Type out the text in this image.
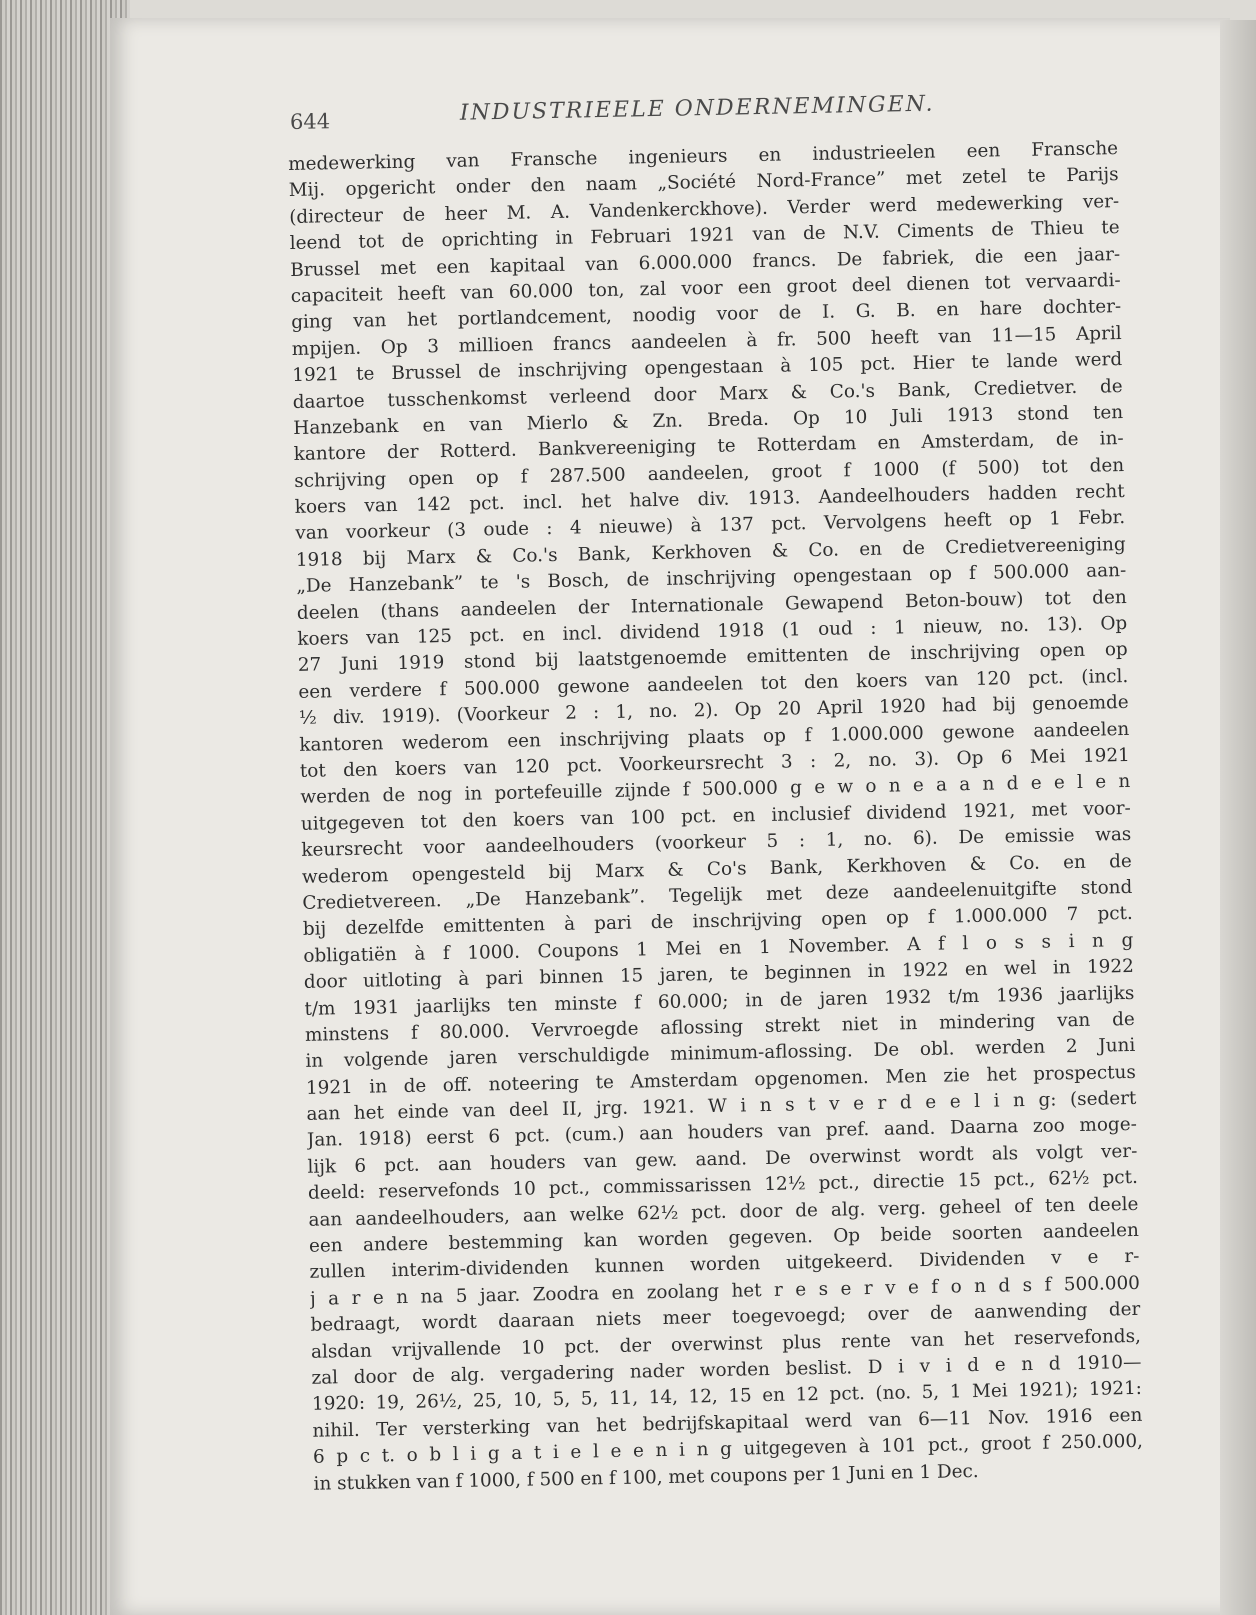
644	INDUSTRIEELE ONDERNEMINGEN.
medewerking van Fransche ingenieurs en industrieelen een Fransche
Mij. opgericht onder den naam „Société Nord-France” met zetel te Parijs
(directeur de heer M. A. Vandenkerckhove). Verder werd medewerking ver-
leend tot de oprichting in Februari 1921 van de N.V. Ciments de Thieu te
Brussel met een kapitaal van 6.000.000 francs. De fabriek, die een jaar-
capaciteit heeft van 60.000 ton, zal voor een groot deel dienen tot vervaardi-
ging van het portlandcement, noodig voor de I. G. B. en hare dochter-
mpijen. Op 3 millioen francs aandeelen à fr. 500 heeft van 11—15 April
1921 te Brussel de inschrijving opengestaan à 105 pct. Hier te lande werd
daartoe tusschenkomst verleend door Marx & Co.'s Bank, Credietver. de
Hanzebank en van Mierlo & Zn. Breda. Op 10 Juli 1913 stond ten
kantore der Rotterd. Bankvereeniging te Rotterdam en Amsterdam, de in-
schrijving open op f 287.500 aandeelen, groot f 1000 (f 500) tot den
koers van 142 pct. incl. het halve div. 1913. Aandeelhouders hadden recht
van voorkeur (3 oude : 4 nieuwe) à 137 pct. Vervolgens heeft op 1 Febr.
1918 bij Marx & Co.'s Bank, Kerkhoven & Co. en de Credietvereeniging
„De Hanzebank” te 's Bosch, de inschrijving opengestaan op f 500.000 aan-
deelen (thans aandeelen der Internationale Gewapend Beton-bouw) tot den
koers van 125 pct. en incl. dividend 1918 (1 oud : 1 nieuw, no. 13). Op
27 Juni 1919 stond bij laatstgenoemde emittenten de inschrijving open op
een verdere f 500.000 gewone aandeelen tot den koers van 120 pct. (incl.
½ div. 1919). (Voorkeur 2 : 1, no. 2). Op 20 April 1920 had bij genoemde
kantoren wederom een inschrijving plaats op f 1.000.000 gewone aandeelen
tot den koers van 120 pct. Voorkeursrecht 3 : 2, no. 3). Op 6 Mei 1921
werden de nog in portefeuille zijnde f 500.000 g e w o n e a a n d e e l e n
uitgegeven tot den koers van 100 pct. en inclusief dividend 1921, met voor-
keursrecht voor aandeelhouders (voorkeur 5 : 1, no. 6). De emissie was
wederom opengesteld bij Marx & Co's Bank, Kerkhoven & Co. en de
Credietvereen. „De Hanzebank”. Tegelijk met deze aandeelenuitgifte stond
bij dezelfde emittenten à pari de inschrijving open op f 1.000.000 7 pct.
obligatiën à f 1000. Coupons 1 Mei en 1 November. A f l o s s i n g
door uitloting à pari binnen 15 jaren, te beginnen in 1922 en wel in 1922
t/m 1931 jaarlijks ten minste f 60.000; in de jaren 1932 t/m 1936 jaarlijks
minstens f 80.000. Vervroegde aflossing strekt niet in mindering van de
in volgende jaren verschuldigde minimum-aflossing. De obl. werden 2 Juni
1921 in de off. noteering te Amsterdam opgenomen. Men zie het prospectus
aan het einde van deel II, jrg. 1921. W i n s t v e r d e e l i n g: (sedert
Jan. 1918) eerst 6 pct. (cum.) aan houders van pref. aand. Daarna zoo moge-
lijk 6 pct. aan houders van gew. aand. De overwinst wordt als volgt ver-
deeld: reservefonds 10 pct., commissarissen 12½ pct., directie 15 pct., 62½ pct.
aan aandeelhouders, aan welke 62½ pct. door de alg. verg. geheel of ten deele
een andere bestemming kan worden gegeven. Op beide soorten aandeelen
zullen interim-dividenden kunnen worden uitgekeerd. Dividenden v e r-
j a r e n na 5 jaar. Zoodra en zoolang het r e s e r v e f o n d s f 500.000
bedraagt, wordt daaraan niets meer toegevoegd; over de aanwending der
alsdan vrijvallende 10 pct. der overwinst plus rente van het reservefonds,
zal door de alg. vergadering nader worden beslist. D i v i d e n d 1910—
1920: 19, 26½, 25, 10, 5, 5, 11, 14, 12, 15 en 12 pct. (no. 5, 1 Mei 1921); 1921:
nihil. Ter versterking van het bedrijfskapitaal werd van 6—11 Nov. 1916 een
6 p c t. o b l i g a t i e l e e n i n g uitgegeven à 101 pct., groot f 250.000,
in stukken van f 1000, f 500 en f 100, met coupons per 1 Juni en 1 Dec.
